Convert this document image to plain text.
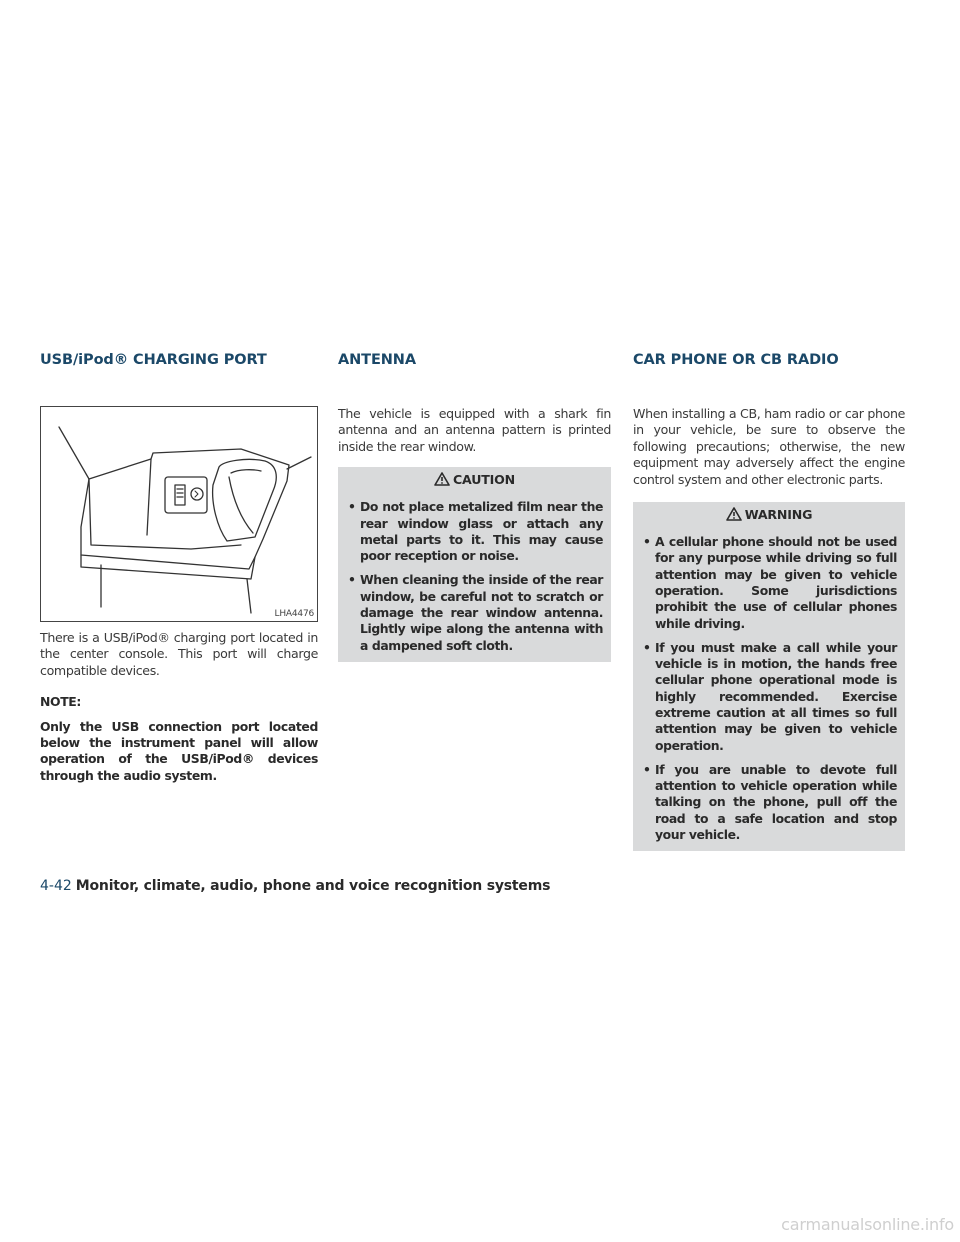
USB/iPod® CHARGING PORT	ANTENNA	CAR PHONE OR CB RADIO
LHA4476

There is a USB/iPod® charging port located in the center console. This port will charge compatible devices.

NOTE:

Only the USB connection port located below the instrument panel will allow operation of the USB/iPod® devices through the audio system.

The vehicle is equipped with a shark fin antenna and an antenna pattern is printed inside the rear window.

CAUTION
• Do not place metalized film near the rear window glass or attach any metal parts to it. This may cause poor reception or noise.
• When cleaning the inside of the rear window, be careful not to scratch or damage the rear window antenna. Lightly wipe along the antenna with a dampened soft cloth.

When installing a CB, ham radio or car phone in your vehicle, be sure to observe the following precautions; otherwise, the new equipment may adversely affect the engine control system and other electronic parts.

WARNING
• A cellular phone should not be used for any purpose while driving so full attention may be given to vehicle operation. Some jurisdictions prohibit the use of cellular phones while driving.
• If you must make a call while your vehicle is in motion, the hands free cellular phone operational mode is highly recommended. Exercise extreme caution at all times so full attention may be given to vehicle operation.
• If you are unable to devote full attention to vehicle operation while talking on the phone, pull off the road to a safe location and stop your vehicle.
4-42 Monitor, climate, audio, phone and voice recognition systems
carmanualsonline.info
